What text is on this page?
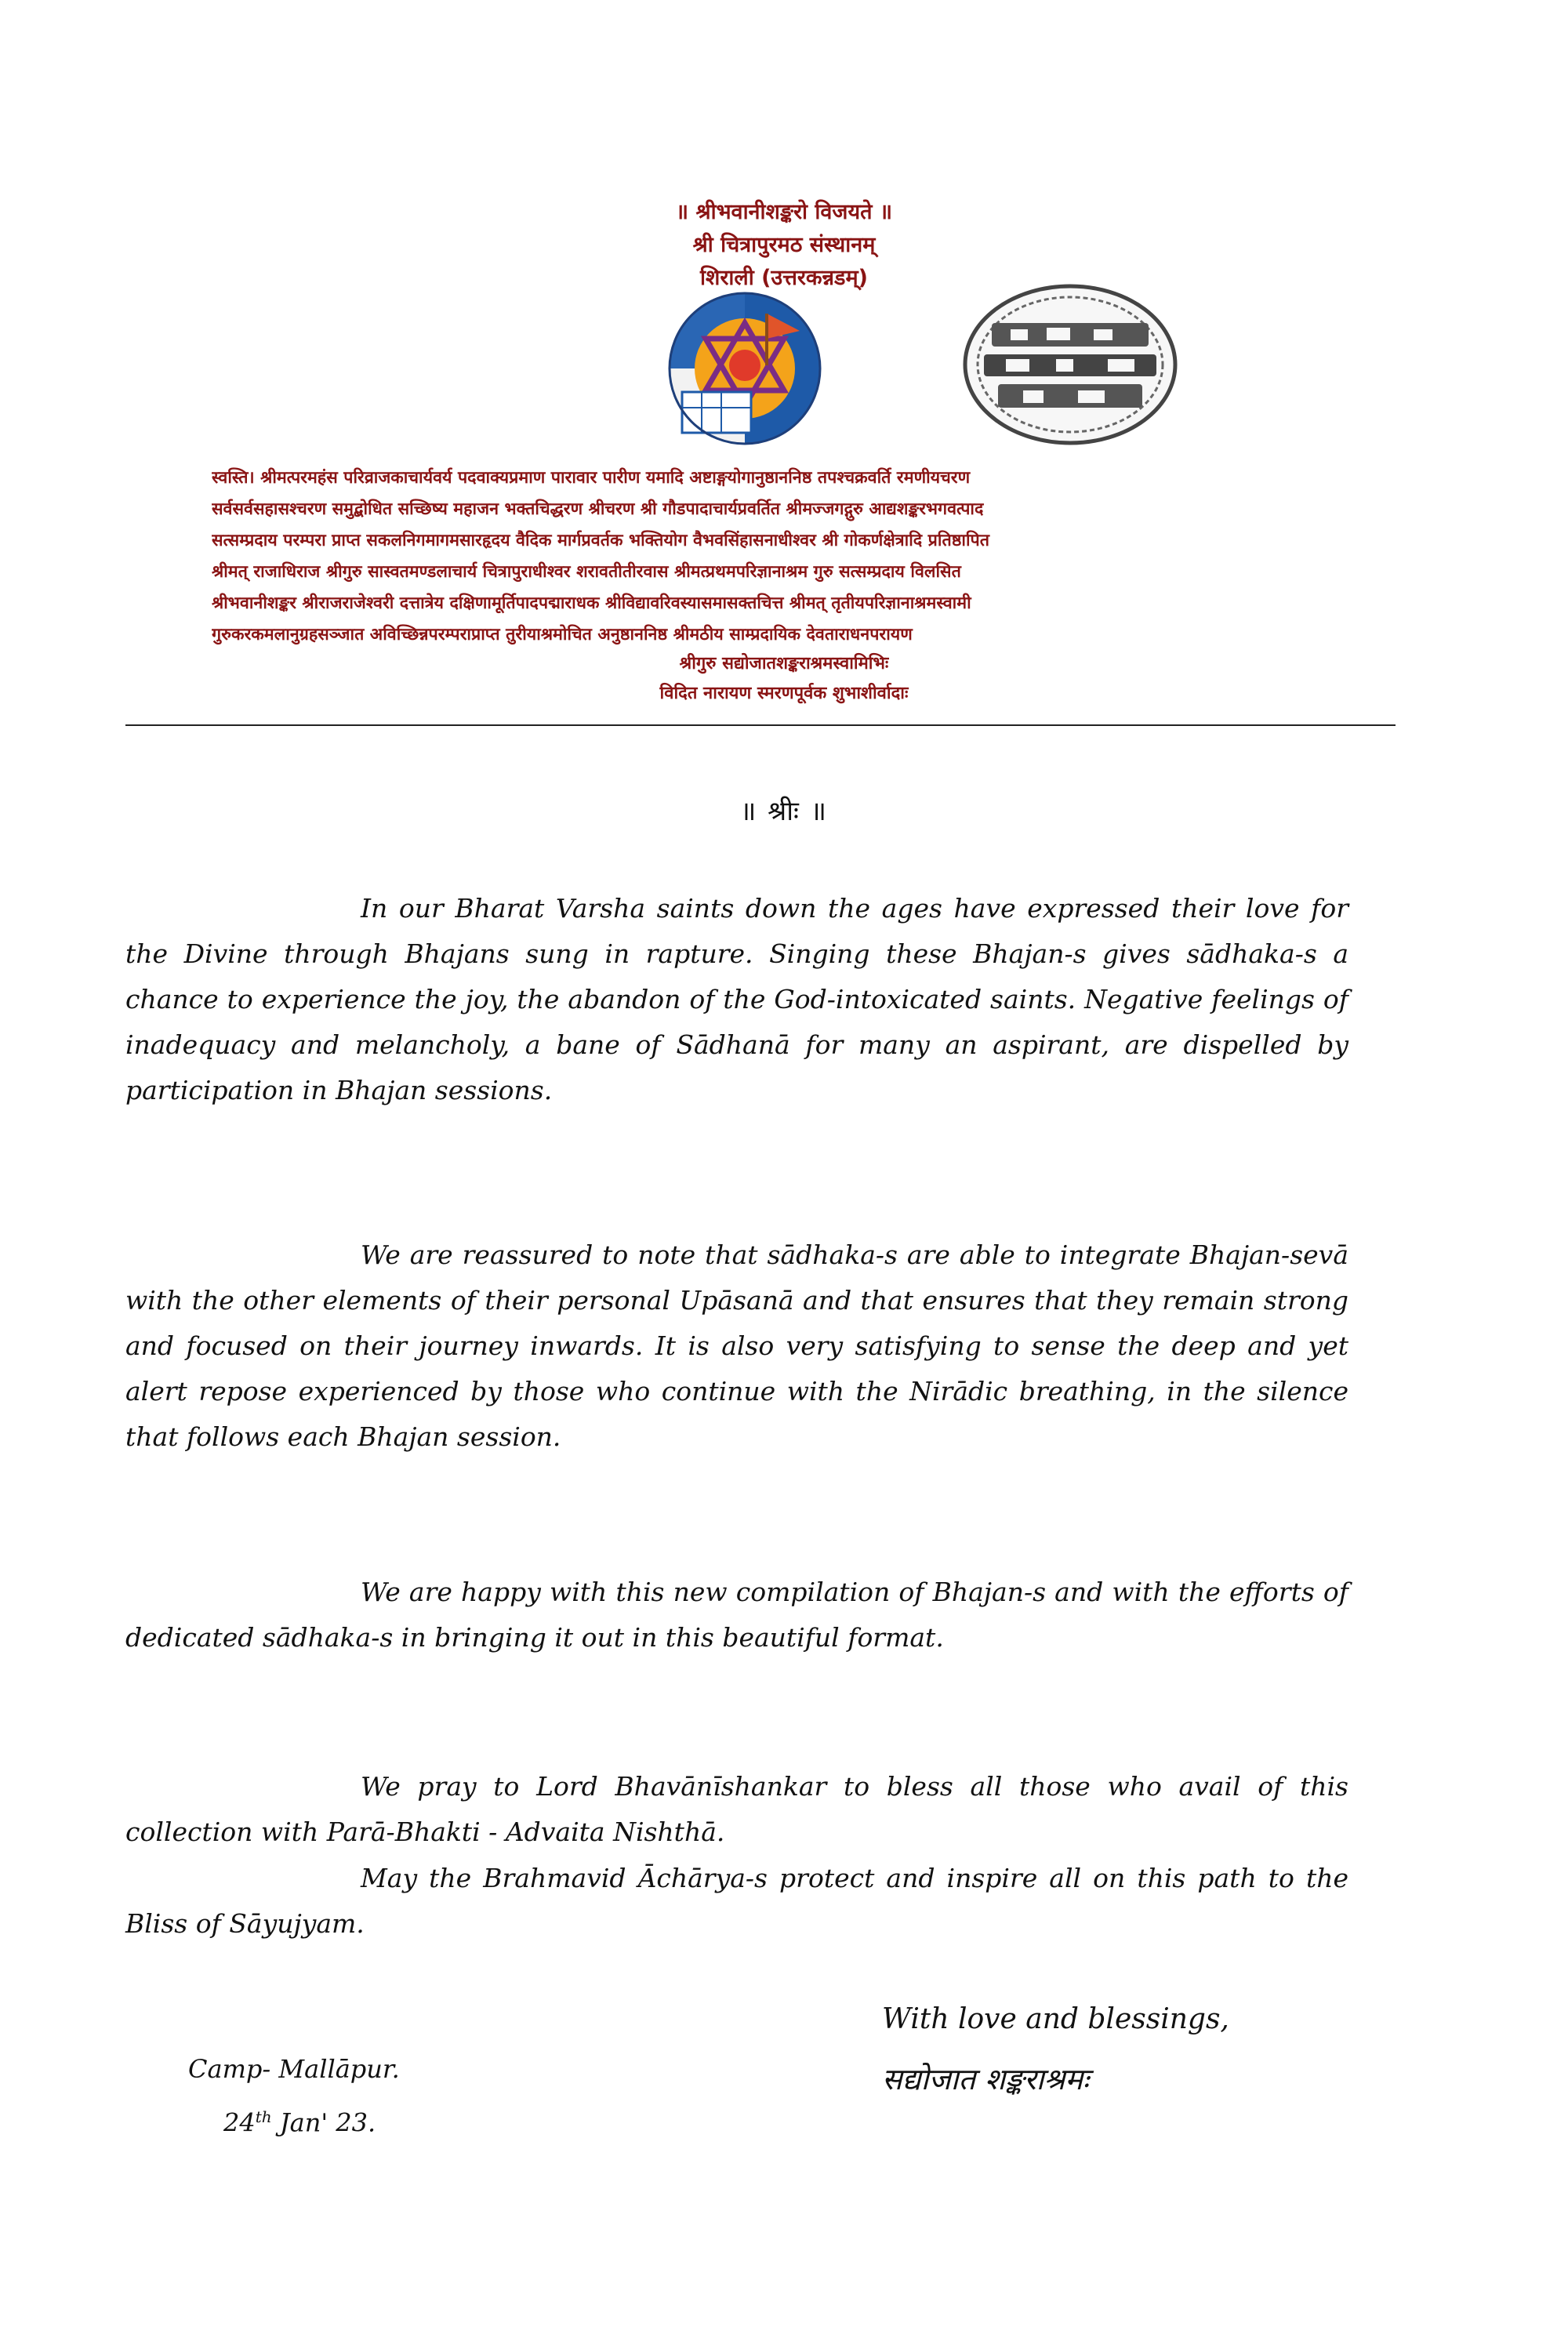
॥ श्रीभवानीशङ्करो विजयते ॥
श्री चित्रापुरमठ संस्थानम्
शिराली (उत्तरकन्नडम्)
स्वस्ति। श्रीमत्परमहंस परिव्राजकाचार्यवर्य पदवाक्यप्रमाण पारावार पारीण यमादि अष्टाङ्गयोगानुष्ठाननिष्ठ तपश्चक्रवर्ति रमणीयचरण
सर्वसर्वसहासश्चरण समुद्बोधित सच्छिष्य महाजन भक्तचिद्धरण श्रीचरण श्री गौडपादाचार्यप्रवर्तित श्रीमज्जगद्गुरु आद्यशङ्करभगवत्पाद
सत्सम्प्रदाय परम्परा प्राप्त सकलनिगमागमसारहृदय वैदिक मार्गप्रवर्तक भक्तियोग वैभवसिंहासनाधीश्वर श्री गोकर्णक्षेत्रादि प्रतिष्ठापित
श्रीमत् राजाधिराज श्रीगुरु सास्वतमण्डलाचार्य चित्रापुराधीश्वर शरावतीतीरवास श्रीमत्प्रथमपरिज्ञानाश्रम गुरु सत्सम्प्रदाय विलसित
श्रीभवानीशङ्कर श्रीराजराजेश्वरी दत्तात्रेय दक्षिणामूर्तिपादपद्माराधक श्रीविद्यावरिवस्यासमासक्तचित्त श्रीमत् तृतीयपरिज्ञानाश्रमस्वामी
गुरुकरकमलानुग्रहसञ्जात अविच्छिन्नपरम्पराप्राप्त तुरीयाश्रमोचित अनुष्ठाननिष्ठ श्रीमठीय साम्प्रदायिक देवताराधनपरायण
श्रीगुरु सद्योजातशङ्कराश्रमस्वामिभिः
विदित नारायण स्मरणपूर्वक शुभाशीर्वादाः
॥ श्रीः ॥

In our Bharat Varsha saints down the ages have expressed their love for the Divine through Bhajans sung in rapture. Singing these Bhajan-s gives sādhaka-s a chance to experience the joy, the abandon of the God-intoxicated saints. Negative feelings of inadequacy and melancholy, a bane of Sādhanā for many an aspirant, are dispelled by participation in Bhajan sessions.

We are reassured to note that sādhaka-s are able to integrate Bhajan-sevā with the other elements of their personal Upāsanā and that ensures that they remain strong and focused on their journey inwards. It is also very satisfying to sense the deep and yet alert repose experienced by those who continue with the Nirādic breathing, in the silence that follows each Bhajan session.

We are happy with this new compilation of Bhajan-s and with the efforts of dedicated sādhaka-s in bringing it out in this beautiful format.

We pray to Lord Bhavānīshankar to bless all those who avail of this collection with Parā-Bhakti - Advaita Nishthā.

May the Brahmavid Āchārya-s protect and inspire all on this path to the Bliss of Sāyujyam.

With love and blessings,
सद्योजात शङ्कराश्रमः
Camp- Mallāpur.
24th Jan' 23.
